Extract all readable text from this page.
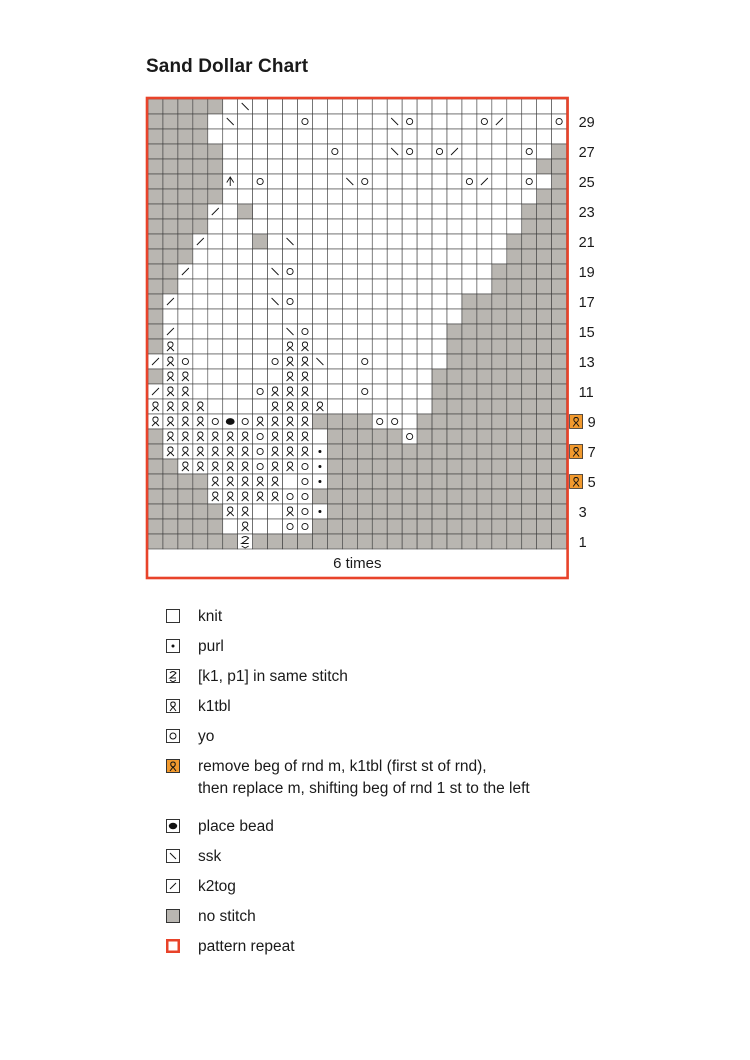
Sand Dollar Chart
6 times
29
27
25
23
21
19
17
15
13
11
9
7
5
3
1
knit
purl
[k1, p1] in same stitch
k1tbl
yo
remove beg of rnd m, k1tbl (first st of rnd),
then replace m, shifting beg of rnd 1 st to the left
place bead
ssk
k2tog
no stitch
pattern repeat
